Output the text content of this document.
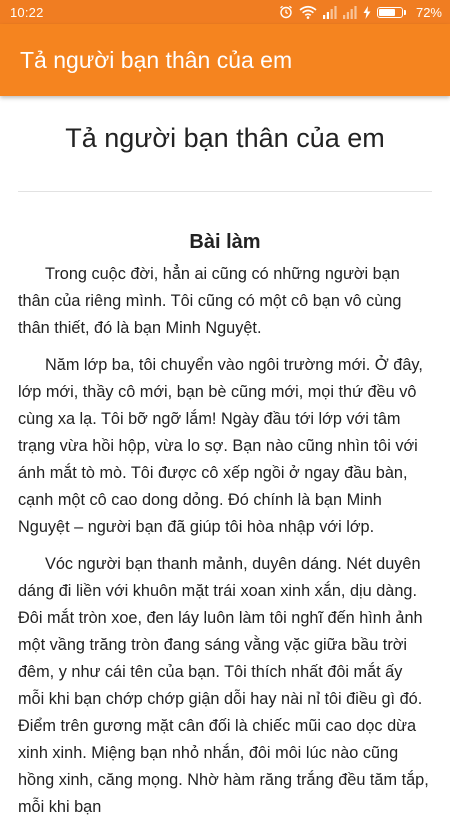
10:22	72%
Tả người bạn thân của em
Tả người bạn thân của em
Bài làm

Trong cuộc đời, hẳn ai cũng có những người bạn thân của riêng mình. Tôi cũng có một cô bạn vô cùng thân thiết, đó là bạn Minh Nguyệt.

Năm lớp ba, tôi chuyển vào ngôi trường mới. Ở đây, lớp mới, thầy cô mới, bạn bè cũng mới, mọi thứ đều vô cùng xa lạ. Tôi bỡ ngỡ lắm! Ngày đầu tới lớp với tâm trạng vừa hồi hộp, vừa lo sợ. Bạn nào cũng nhìn tôi với ánh mắt tò mò. Tôi được cô xếp ngồi ở ngay đầu bàn, cạnh một cô cao dong dỏng. Đó chính là bạn Minh Nguyệt – người bạn đã giúp tôi hòa nhập với lớp.

Vóc người bạn thanh mảnh, duyên dáng. Nét duyên dáng đi liền với khuôn mặt trái xoan xinh xắn, dịu dàng. Đôi mắt tròn xoe, đen láy luôn làm tôi nghĩ đến hình ảnh một vầng trăng tròn đang sáng vằng vặc giữa bầu trời đêm, y như cái tên của bạn. Tôi thích nhất đôi mắt ấy mỗi khi bạn chớp chớp giận dỗi hay nài nỉ tôi điều gì đó. Điểm trên gương mặt cân đối là chiếc mũi cao dọc dừa xinh xinh. Miệng bạn nhỏ nhắn, đôi môi lúc nào cũng hồng xinh, căng mọng. Nhờ hàm răng trắng đều tăm tắp, mỗi khi bạn
